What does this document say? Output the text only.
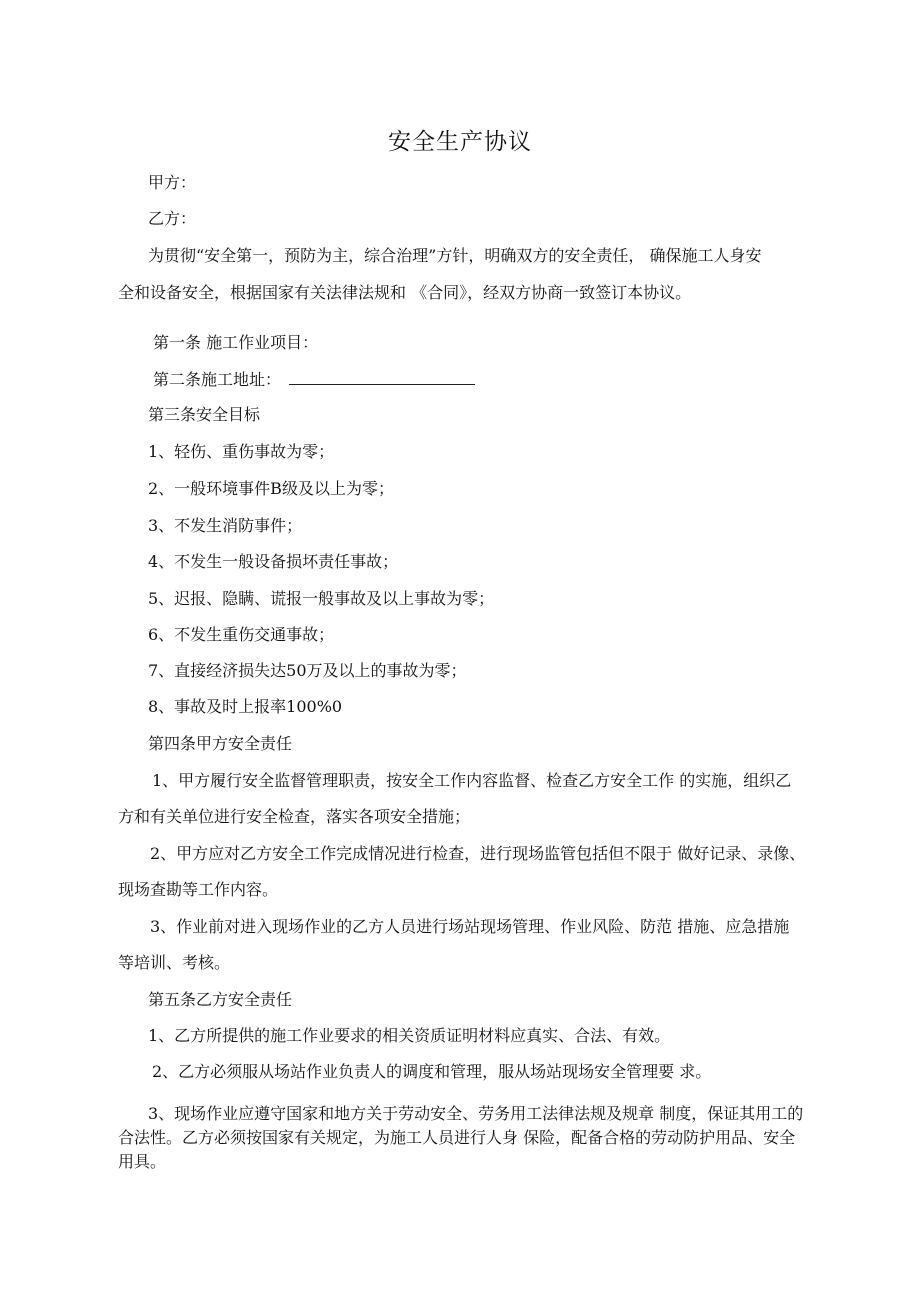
安全生产协议
甲方：
乙方：
为贯彻“安全第一，预防为主，综合治理”方针，明确双方的安全责任， 确保施工人身安
全和设备安全，根据国家有关法律法规和 《合同》，经双方协商一致签订本协议。
第一条 施工作业项目：
第二条施工地址：
第三条安全目标
1、轻伤、重伤事故为零；
2、一般环境事件B级及以上为零；
3、不发生消防事件；
4、不发生一般设备损坏责任事故；
5、迟报、隐瞒、谎报一般事故及以上事故为零；
6、不发生重伤交通事故；
7、直接经济损失达50万及以上的事故为零；
8、事故及时上报率100%0
第四条甲方安全责任
1、甲方履行安全监督管理职责，按安全工作内容监督、检查乙方安全工作 的实施，组织乙
方和有关单位进行安全检查，落实各项安全措施；
2、甲方应对乙方安全工作完成情况进行检查，进行现场监管包括但不限于 做好记录、录像、
现场查勘等工作内容。
3、作业前对进入现场作业的乙方人员进行场站现场管理、作业风险、防范 措施、应急措施
等培训、考核。
第五条乙方安全责任
1、乙方所提供的施工作业要求的相关资质证明材料应真实、合法、有效。
2、乙方必须服从场站作业负责人的调度和管理，服从场站现场安全管理要 求。
3、现场作业应遵守国家和地方关于劳动安全、劳务用工法律法规及规章 制度，保证其用工的合法性。乙方必须按国家有关规定，为施工人员进行人身 保险，配备合格的劳动防护用品、安全用具。
